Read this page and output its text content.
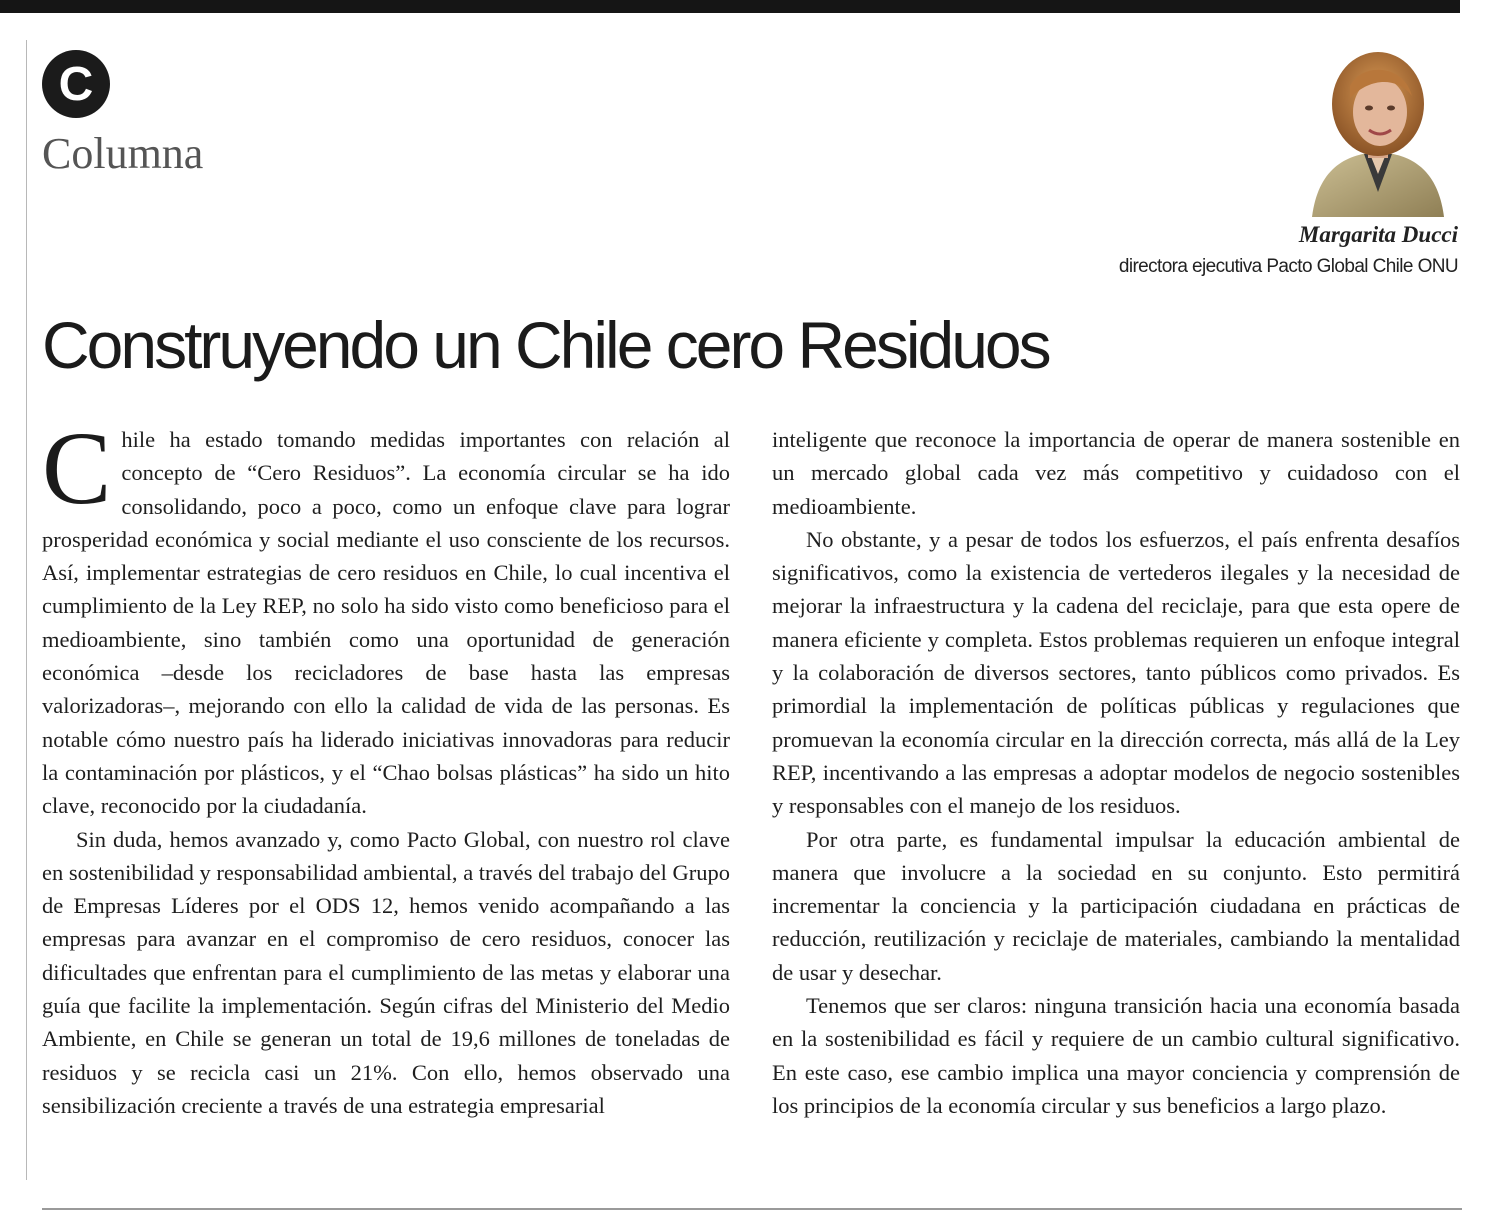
C
Columna
Margarita Ducci
directora ejecutiva Pacto Global Chile ONU
Construyendo un Chile cero Residuos

Chile ha estado tomando medidas importantes con relación al concepto de “Cero Residuos”. La economía circular se ha ido consolidando, poco a poco, como un enfoque clave para lograr prosperidad económica y social mediante el uso consciente de los recursos. Así, implementar estrategias de cero residuos en Chile, lo cual incentiva el cumplimiento de la Ley REP, no solo ha sido visto como beneficioso para el medioambiente, sino también como una oportunidad de generación económica –desde los recicladores de base hasta las empresas valorizadoras–, mejorando con ello la calidad de vida de las personas. Es notable cómo nuestro país ha liderado iniciativas innovadoras para reducir la contaminación por plásticos, y el “Chao bolsas plásticas” ha sido un hito clave, reconocido por la ciudadanía.

Sin duda, hemos avanzado y, como Pacto Global, con nuestro rol clave en sostenibilidad y responsabilidad ambiental, a través del trabajo del Grupo de Empresas Líderes por el ODS 12, hemos venido acompañando a las empresas para avanzar en el compromiso de cero residuos, conocer las dificultades que enfrentan para el cumplimiento de las metas y elaborar una guía que facilite la implementación. Según cifras del Ministerio del Medio Ambiente, en Chile se generan un total de 19,6 millones de toneladas de residuos y se recicla casi un 21%. Con ello, hemos observado una sensibilización creciente a través de una estrategia empresarial

inteligente que reconoce la importancia de operar de manera sostenible en un mercado global cada vez más competitivo y cuidadoso con el medioambiente.

No obstante, y a pesar de todos los esfuerzos, el país enfrenta desafíos significativos, como la existencia de vertederos ilegales y la necesidad de mejorar la infraestructura y la cadena del reciclaje, para que esta opere de manera eficiente y completa. Estos problemas requieren un enfoque integral y la colaboración de diversos sectores, tanto públicos como privados. Es primordial la implementación de políticas públicas y regulaciones que promuevan la economía circular en la dirección correcta, más allá de la Ley REP, incentivando a las empresas a adoptar modelos de negocio sostenibles y responsables con el manejo de los residuos.

Por otra parte, es fundamental impulsar la educación ambiental de manera que involucre a la sociedad en su conjunto. Esto permitirá incrementar la conciencia y la participación ciudadana en prácticas de reducción, reutilización y reciclaje de materiales, cambiando la mentalidad de usar y desechar.

Tenemos que ser claros: ninguna transición hacia una economía basada en la sostenibilidad es fácil y requiere de un cambio cultural significativo. En este caso, ese cambio implica una mayor conciencia y comprensión de los principios de la economía circular y sus beneficios a largo plazo.
